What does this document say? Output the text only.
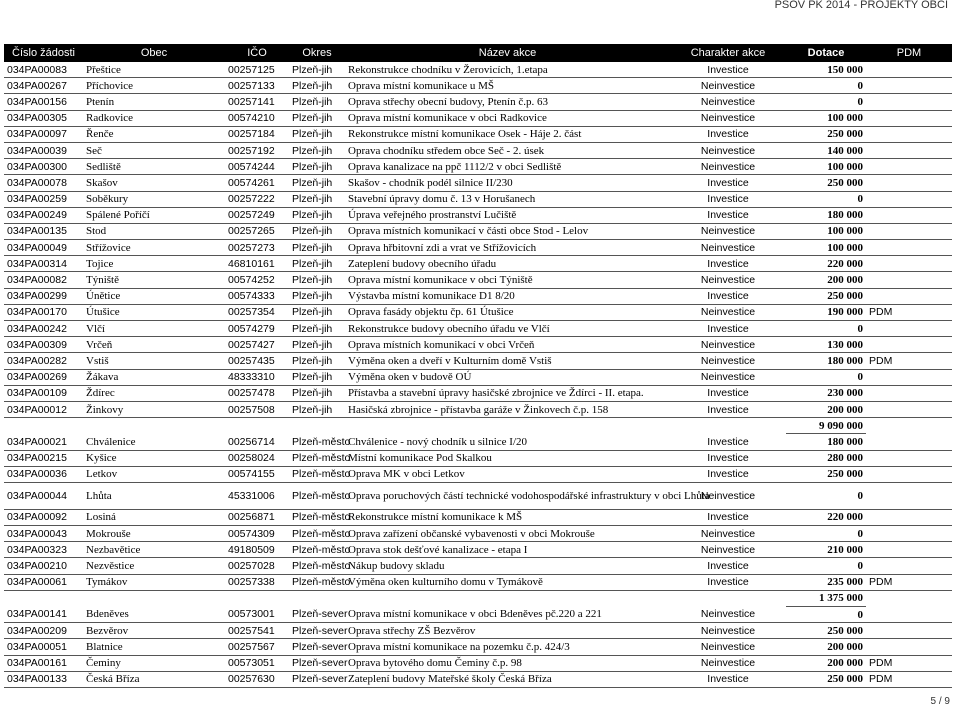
PSOV PK 2014 - PROJEKTY OBCÍ
Číslo žádosti	Obec	IČO	Okres	Název akce	Charakter akce	Dotace	PDM
034PA00083	Přeštice	00257125	Plzeň-jih	Rekonstrukce chodníku v Žerovicích, 1.etapa	Investice	150 000	
034PA00267	Příchovice	00257133	Plzeň-jih	Oprava místní komunikace u MŠ	Neinvestice	0	
034PA00156	Ptenín	00257141	Plzeň-jih	Oprava střechy obecní budovy, Ptenín č.p. 63	Neinvestice	0	
034PA00305	Radkovice	00574210	Plzeň-jih	Oprava místní komunikace v obci Radkovice	Neinvestice	100 000	
034PA00097	Řenče	00257184	Plzeň-jih	Rekonstrukce místní komunikace Osek - Háje 2. část	Investice	250 000	
034PA00039	Seč	00257192	Plzeň-jih	Oprava chodníku středem obce Seč - 2. úsek	Neinvestice	140 000	
034PA00300	Sedliště	00574244	Plzeň-jih	Oprava kanalizace na ppč 1112/2 v obci Sedliště	Neinvestice	100 000	
034PA00078	Skašov	00574261	Plzeň-jih	Skašov - chodník podél silnice II/230	Investice	250 000	
034PA00259	Soběkury	00257222	Plzeň-jih	Stavební úpravy domu č. 13 v Horušanech	Investice	0	
034PA00249	Spálené Poříčí	00257249	Plzeň-jih	Úprava veřejného prostranství Lučiště	Investice	180 000	
034PA00135	Stod	00257265	Plzeň-jih	Oprava místních komunikací v části obce Stod - Lelov	Neinvestice	100 000	
034PA00049	Střížovice	00257273	Plzeň-jih	Oprava hřbitovní zdi a vrat ve Střížovicích	Neinvestice	100 000	
034PA00314	Tojice	46810161	Plzeň-jih	Zateplení budovy obecního úřadu	Investice	220 000	
034PA00082	Týniště	00574252	Plzeň-jih	Oprava místní komunikace v obci Týniště	Neinvestice	200 000	
034PA00299	Únětice	00574333	Plzeň-jih	Výstavba místní komunikace D1 8/20	Investice	250 000	
034PA00170	Útušice	00257354	Plzeň-jih	Oprava fasády objektu čp. 61 Útušice	Neinvestice	190 000	PDM
034PA00242	Vlčí	00574279	Plzeň-jih	Rekonstrukce budovy obecního úřadu ve Vlčí	Investice	0	
034PA00309	Vrčeň	00257427	Plzeň-jih	Oprava místních komunikací v obci Vrčeň	Neinvestice	130 000	
034PA00282	Vstiš	00257435	Plzeň-jih	Výměna oken a dveří v Kulturním domě Vstiš	Neinvestice	180 000	PDM
034PA00269	Žákava	48333310	Plzeň-jih	Výměna oken v budově OÚ	Neinvestice	0	
034PA00109	Ždírec	00257478	Plzeň-jih	Přístavba a stavební úpravy hasičské zbrojnice ve Ždírci - II. etapa.	Investice	230 000	
034PA00012	Žinkovy	00257508	Plzeň-jih	Hasičská zbrojnice - přístavba garáže v Žinkovech č.p. 158	Investice	200 000	
						9 090 000	
034PA00021	Chválenice	00256714	Plzeň-město	Chválenice - nový chodník u silnice I/20	Investice	180 000	
034PA00215	Kyšice	00258024	Plzeň-město	Místní komunikace Pod Skalkou	Investice	280 000	
034PA00036	Letkov	00574155	Plzeň-město	Oprava MK v obci Letkov	Investice	250 000	
034PA00044	Lhůta	45331006	Plzeň-město	Oprava poruchových částí technické vodohospodářské infrastruktury v obci Lhůta	Neinvestice	0	
034PA00092	Losiná	00256871	Plzeň-město	Rekonstrukce místní komunikace k MŠ	Investice	220 000	
034PA00043	Mokrouše	00574309	Plzeň-město	Oprava zařízení občanské vybavenosti v obci Mokrouše	Neinvestice	0	
034PA00323	Nezbavětice	49180509	Plzeň-město	Oprava stok dešťové kanalizace - etapa I	Neinvestice	210 000	
034PA00210	Nezvěstice	00257028	Plzeň-město	Nákup budovy skladu	Investice	0	
034PA00061	Tymákov	00257338	Plzeň-město	Výměna oken kulturního domu v Tymákově	Investice	235 000	PDM
						1 375 000	
034PA00141	Bdeněves	00573001	Plzeň-sever	Oprava místní komunikace v obci Bdeněves pč.220 a 221	Neinvestice	0	
034PA00209	Bezvěrov	00257541	Plzeň-sever	Oprava střechy ZŠ Bezvěrov	Neinvestice	250 000	
034PA00051	Blatnice	00257567	Plzeň-sever	Oprava místní komunikace na pozemku č.p. 424/3	Neinvestice	200 000	
034PA00161	Čeminy	00573051	Plzeň-sever	Oprava bytového domu Čeminy č.p. 98	Neinvestice	200 000	PDM
034PA00133	Česká Bříza	00257630	Plzeň-sever	Zateplení budovy Mateřské školy Česká Bříza	Investice	250 000	PDM
5 / 9
